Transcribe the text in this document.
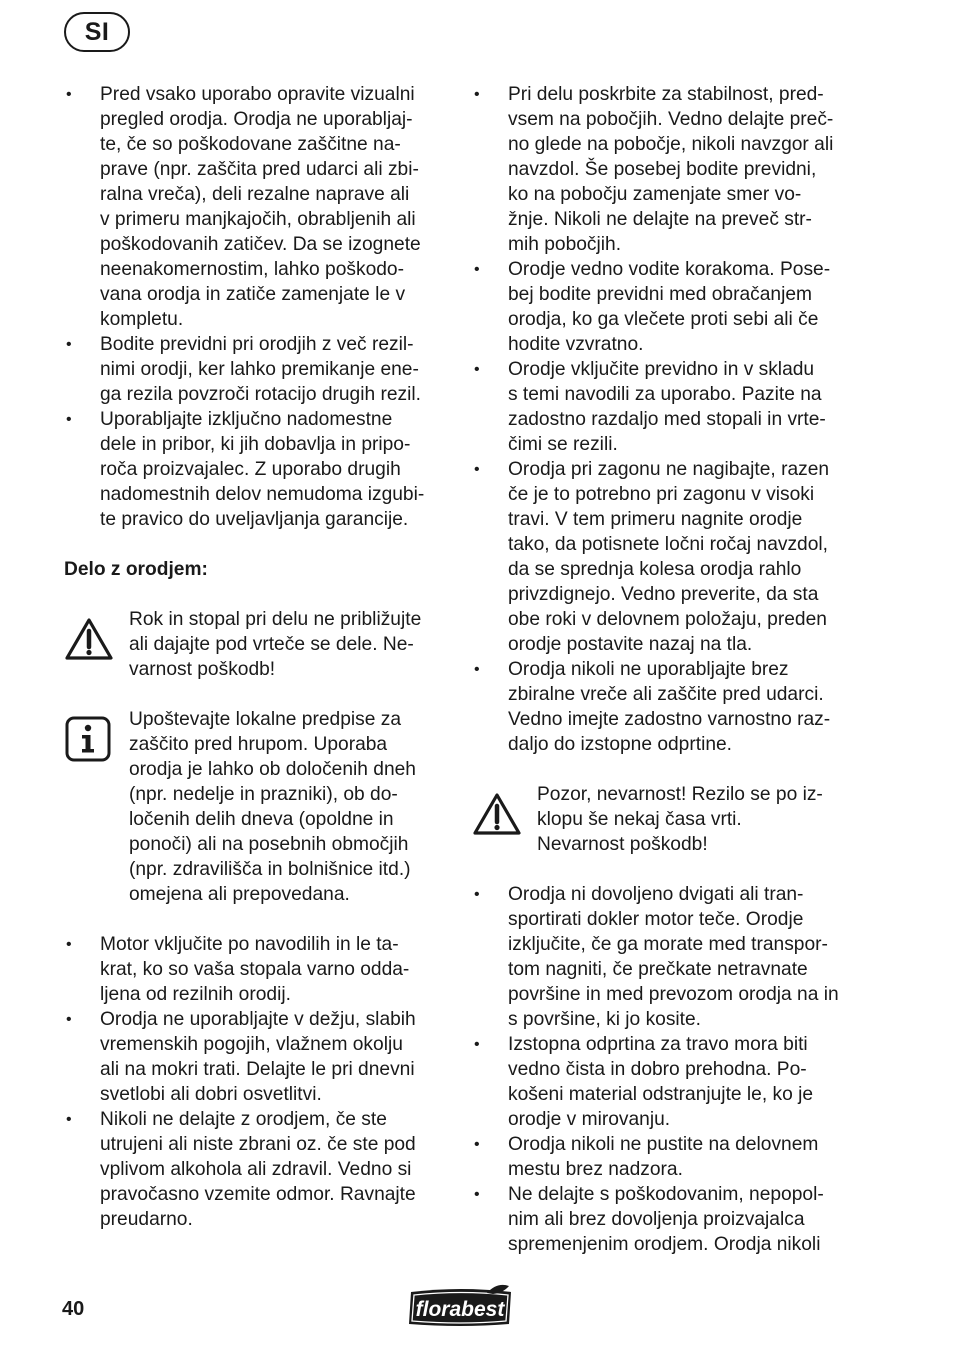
SI
• Pred vsako uporabo opravite vizualni
pregled orodja. Orodja ne uporabljaj-
te, če so poškodovane zaščitne na-
prave (npr. zaščita pred udarci ali zbi-
ralna vreča), deli rezalne naprave ali
v primeru manjkajočih, obrabljenih ali
poškodovanih zatičev. Da se izognete
neenakomernostim, lahko poškodo-
vana orodja in zatiče zamenjate le v
kompletu.
• Bodite previdni pri orodjih z več rezil-
nimi orodji, ker lahko premikanje ene-
ga rezila povzroči rotacijo drugih rezil.
• Uporabljajte izključno nadomestne
dele in pribor, ki jih dobavlja in pripo-
roča proizvajalec. Z uporabo drugih
nadomestnih delov nemudoma izgubi-
te pravico do uveljavljanja garancije.
Delo z orodjem:
Rok in stopal pri delu ne približujte
ali dajajte pod vrteče se dele. Ne-
varnost poškodb!
Upoštevajte lokalne predpise za
zaščito pred hrupom. Uporaba
orodja je lahko ob določenih dneh
(npr. nedelje in prazniki), ob do-
ločenih delih dneva (opoldne in
ponoči) ali na posebnih območjih
(npr. zdravilišča in bolnišnice itd.)
omejena ali prepovedana.
• Motor vključite po navodilih in le ta-
krat, ko so vaša stopala varno odda-
ljena od rezilnih orodij.
• Orodja ne uporabljajte v dežju, slabih
vremenskih pogojih, vlažnem okolju
ali na mokri trati. Delajte le pri dnevni
svetlobi ali dobri osvetlitvi.
• Nikoli ne delajte z orodjem, če ste
utrujeni ali niste zbrani oz. če ste pod
vplivom alkohola ali zdravil. Vedno si
pravočasno vzemite odmor. Ravnajte
preudarno.
• Pri delu poskrbite za stabilnost, pred-
vsem na pobočjih. Vedno delajte preč-
no glede na pobočje, nikoli navzgor ali
navzdol. Še posebej bodite previdni,
ko na pobočju zamenjate smer vo-
žnje. Nikoli ne delajte na preveč str-
mih pobočjih.
• Orodje vedno vodite korakoma. Pose-
bej bodite previdni med obračanjem
orodja, ko ga vlečete proti sebi ali če
hodite vzvratno.
• Orodje vključite previdno in v skladu
s temi navodili za uporabo. Pazite na
zadostno razdaljo med stopali in vrte-
čimi se rezili.
• Orodja pri zagonu ne nagibajte, razen
če je to potrebno pri zagonu v visoki
travi. V tem primeru nagnite orodje
tako, da potisnete ločni ročaj navzdol,
da se sprednja kolesa orodja rahlo
privzdignejo. Vedno preverite, da sta
obe roki v delovnem položaju, preden
orodje postavite nazaj na tla.
• Orodja nikoli ne uporabljajte brez
zbiralne vreče ali zaščite pred udarci.
Vedno imejte zadostno varnostno raz-
daljo do izstopne odprtine.
Pozor, nevarnost! Rezilo se po iz-
klopu še nekaj časa vrti.
Nevarnost poškodb!
• Orodja ni dovoljeno dvigati ali tran-
sportirati dokler motor teče. Orodje
izključite, če ga morate med transpor-
tom nagniti, če prečkate netravnate
površine in med prevozom orodja na in
s površine, ki jo kosite.
• Izstopna odprtina za travo mora biti
vedno čista in dobro prehodna. Po-
košeni material odstranjujte le, ko je
orodje v mirovanju.
• Orodja nikoli ne pustite na delovnem
mestu brez nadzora.
• Ne delajte s poškodovanim, nepopol-
nim ali brez dovoljenja proizvajalca
spremenjenim orodjem. Orodja nikoli
40	florabest
